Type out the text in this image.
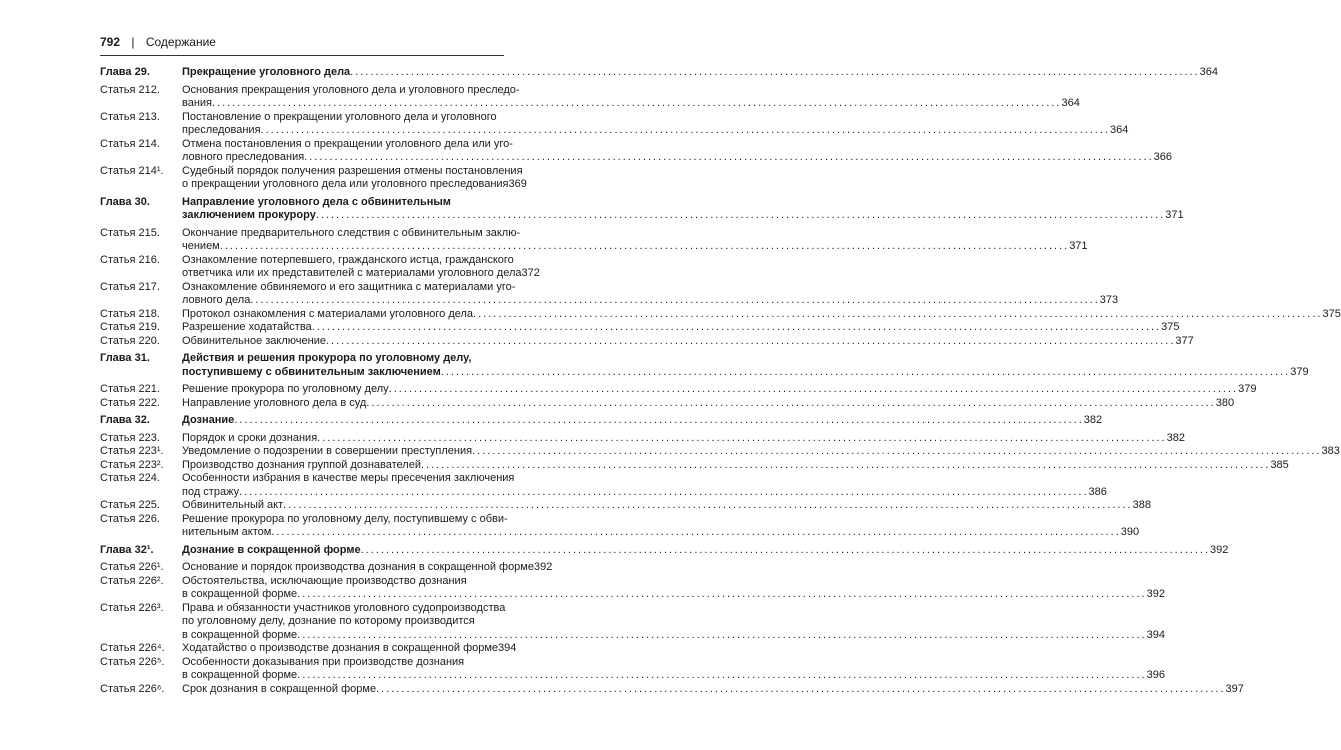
792 | Содержание
Глава 29.	Прекращение уголовного дела .....	364
Статья 212.	Основания прекращения уголовного дела и уголовного преследо-
вания .....	364
Статья 213.	Постановление о прекращении уголовного дела и уголовного
преследования .....	364
Статья 214.	Отмена постановления о прекращении уголовного дела или уго-
ловного преследования .....	366
Статья 214¹.	Судебный порядок получения разрешения отмены постановления
о прекращении уголовного дела или уголовного преследования 369
Глава 30.	Направление уголовного дела с обвинительным
заключением прокурору .....	371
Статья 215.	Окончание предварительного следствия с обвинительным заклю-
чением .....	371
Статья 216.	Ознакомление потерпевшего, гражданского истца, гражданского
ответчика или их представителей с материалами уголовного дела 372
Статья 217.	Ознакомление обвиняемого и его защитника с материалами уго-
ловного дела .....	373
Статья 218.	Протокол ознакомления с материалами уголовного дела .....	375
Статья 219.	Разрешение ходатайства .....	375
Статья 220.	Обвинительное заключение .....	377
Глава 31.	Действия и решения прокурора по уголовному делу,
поступившему с обвинительным заключением .....	379
Статья 221.	Решение прокурора по уголовному делу .....	379
Статья 222.	Направление уголовного дела в суд .....	380
Глава 32.	Дознание .....	382
Статья 223.	Порядок и сроки дознания .....	382
Статья 223¹.	Уведомление о подозрении в совершении преступления .....	383
Статья 223².	Производство дознания группой дознавателей .....	385
Статья 224.	Особенности избрания в качестве меры пресечения заключения
под стражу .....	386
Статья 225.	Обвинительный акт .....	388
Статья 226.	Решение прокурора по уголовному делу, поступившему с обви-
нительным актом .....	390
Глава 32¹.	Дознание в сокращенной форме .....	392
Статья 226¹.	Основание и порядок производства дознания в сокращенной форме 392
Статья 226².	Обстоятельства, исключающие производство дознания
в сокращенной форме .....	392
Статья 226³.	Права и обязанности участников уголовного судопроизводства
по уголовному делу, дознание по которому производится
в сокращенной форме .....	394
Статья 226⁴.	Ходатайство о производстве дознания в сокращенной форме 394
Статья 226⁵.	Особенности доказывания при производстве дознания
в сокращенной форме .....	396
Статья 226⁶.	Срок дознания в сокращенной форме .....	397
